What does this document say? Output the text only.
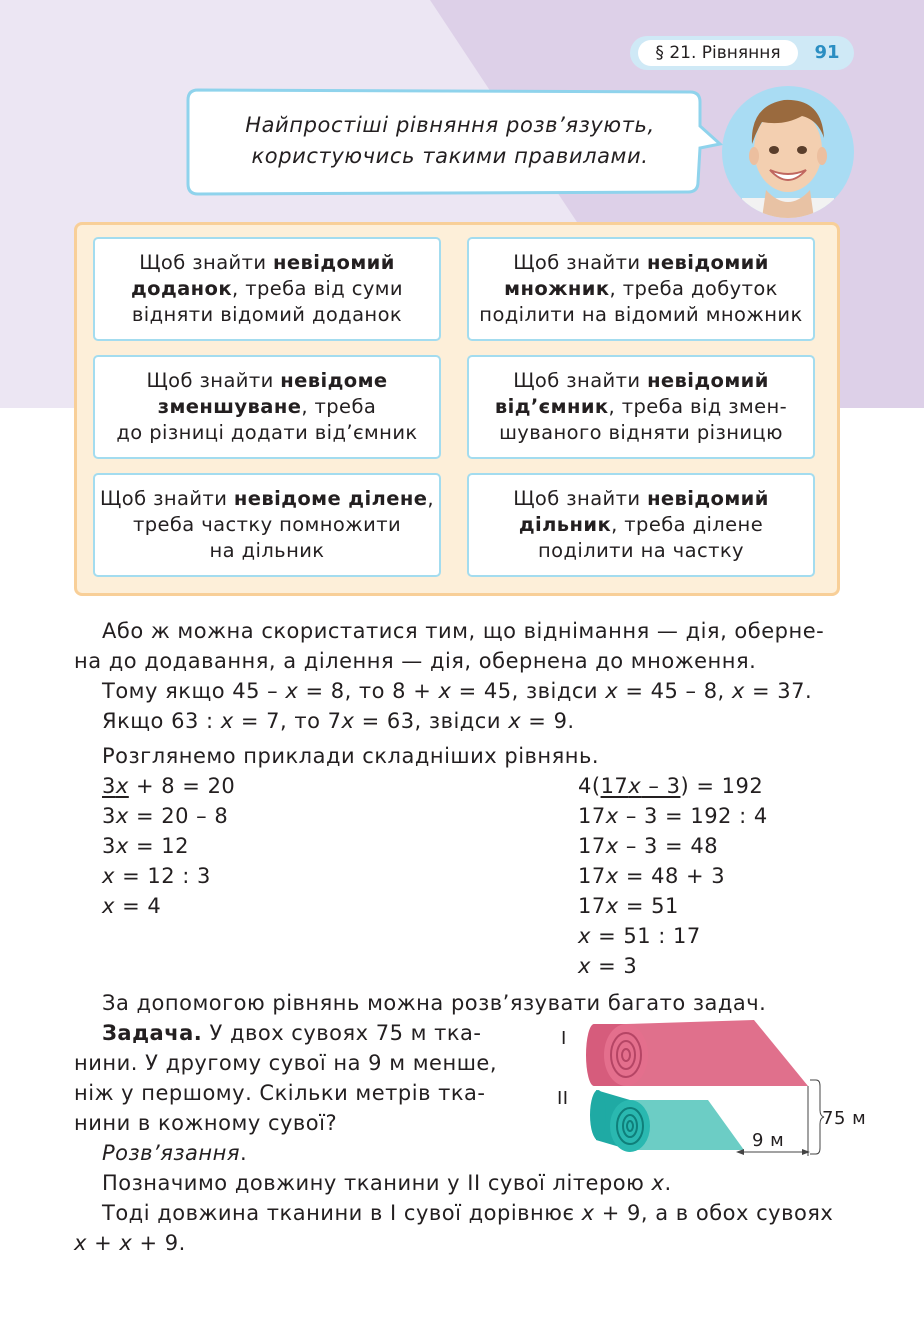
§ 21. Рівняння	91
Найпростіші рівняння розв’язують,
користуючись такими правилами.
Щоб знайти невідомий
доданок, треба від суми
відняти відомий доданок
Щоб знайти невідомий
множник, треба добуток
поділити на відомий множник
Щоб знайти невідоме
зменшуване, треба
до різниці додати від’ємник
Щоб знайти невідомий
від’ємник, треба від змен-
шуваного відняти різницю
Щоб знайти невідоме ділене,
треба частку помножити
на дільник
Щоб знайти невідомий
дільник, треба ділене
поділити на частку
Або ж можна скористатися тим, що віднімання — дія, оберне-
на до додавання, а ділення — дія, обернена до множення.
Тому якщо 45 – x = 8, то 8 + x = 45, звідси x = 45 – 8, x = 37.
Якщо 63 : x = 7, то 7x = 63, звідси x = 9.
Розглянемо приклади складніших рівнянь.
3x + 8 = 20
3x = 20 – 8
3x = 12
x = 12 : 3
x = 4
4(17x – 3) = 192
17x – 3 = 192 : 4
17x – 3 = 48
17x = 48 + 3
17x = 51
x = 51 : 17
x = 3
За допомогою рівнянь можна розв’язувати багато задач.
Задача. У двох сувоях 75 м тка-
нини. У другому сувої на 9 м менше,
ніж у першому. Скільки метрів тка-
нини в кожному сувої?
Розв’язання.
Позначимо довжину тканини у II сувої літерою x.
Тоді довжина тканини в I сувої дорівнює x + 9, а в обох сувоях
x + x + 9.
I
II
75 м
9 м
